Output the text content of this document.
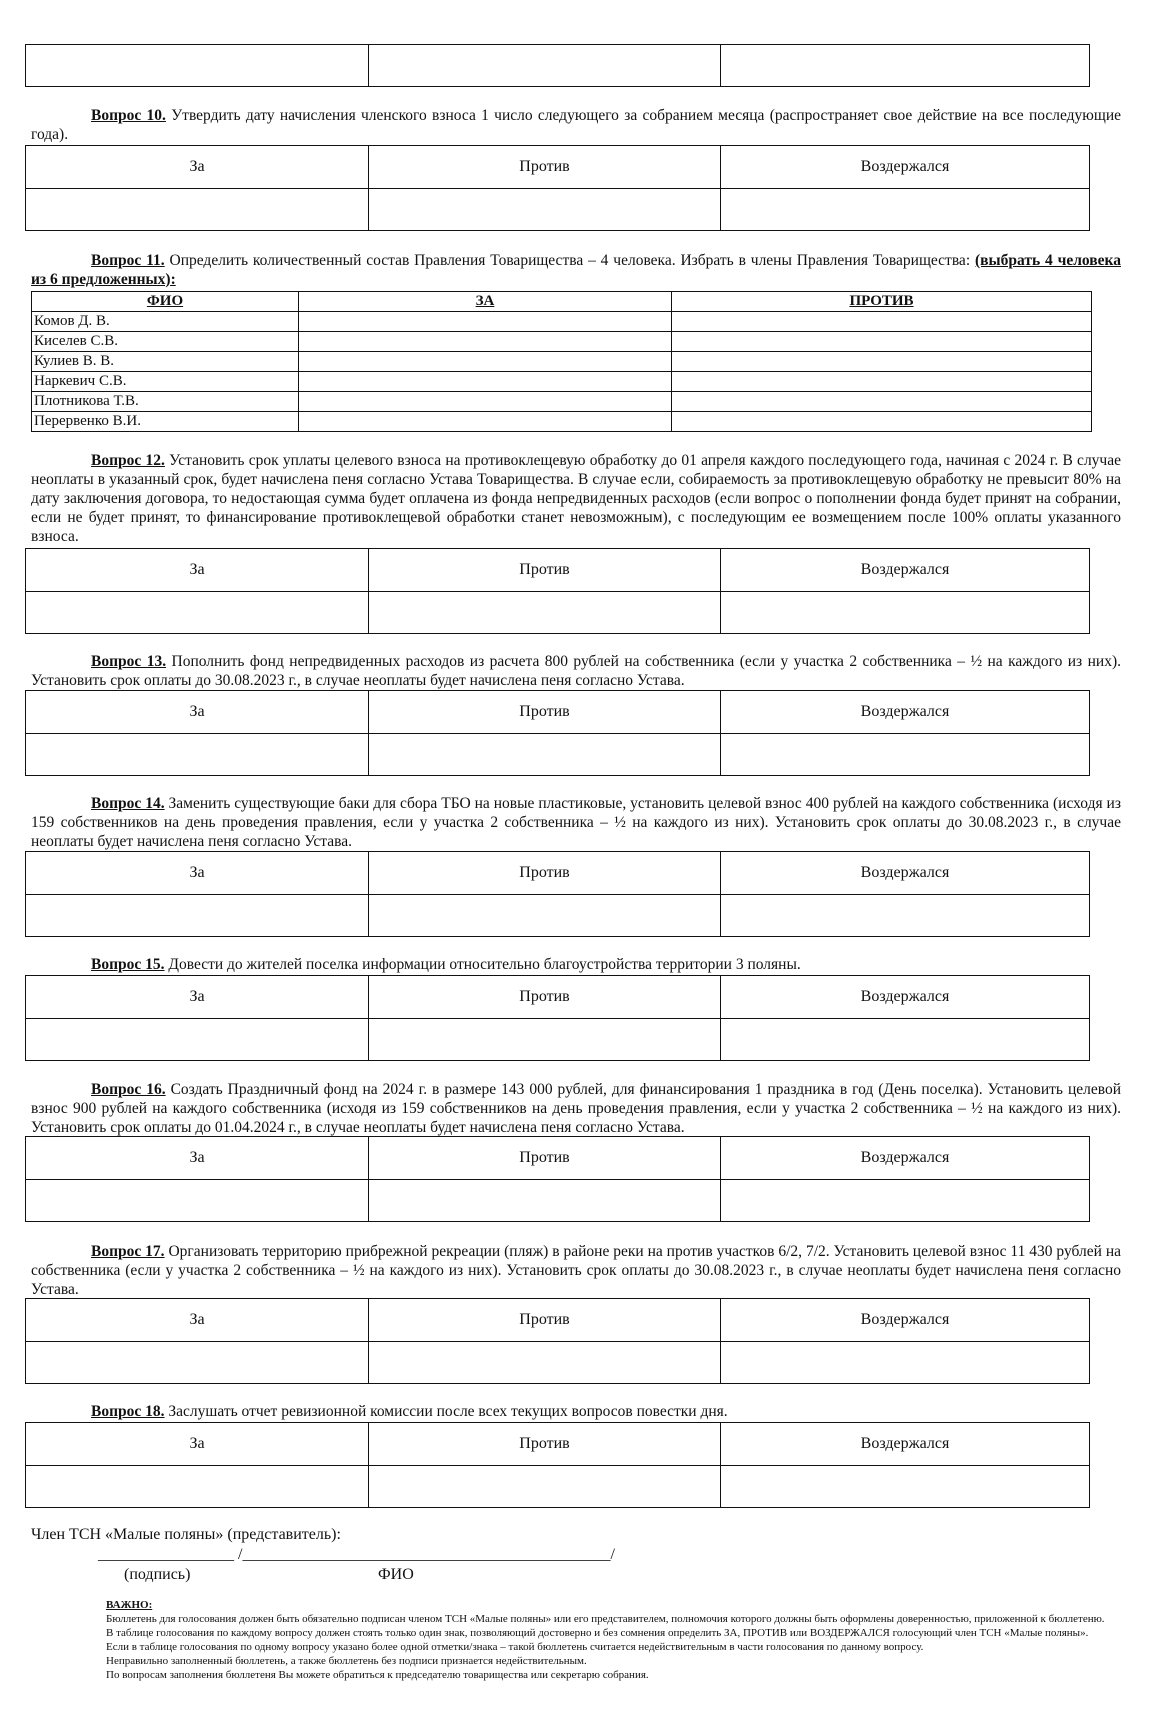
Вопрос 10. Утвердить дату начисления членского взноса 1 число следующего за собранием месяца (распространяет свое действие на все последующие года).
За	Против	Воздержался

Вопрос 11. Определить количественный состав Правления Товарищества – 4 человека. Избрать в члены Правления Товарищества: (выбрать 4 человека из 6 предложенных):
ФИО	ЗА	ПРОТИВ
Комов Д. В.		
Киселев С.В.		
Кулиев В. В.		
Наркевич С.В.		
Плотникова Т.В.		
Перервенко В.И.		
Вопрос 12. Установить срок уплаты целевого взноса на противоклещевую обработку до 01 апреля каждого последующего года, начиная с 2024 г. В случае неоплаты в указанный срок, будет начислена пеня согласно Устава Товарищества. В случае если, собираемость за противоклещевую обработку не превысит 80% на дату заключения договора, то недостающая сумма будет оплачена из фонда непредвиденных расходов (если вопрос о пополнении фонда будет принят на собрании, если не будет принят, то финансирование противоклещевой обработки станет невозможным), с последующим ее возмещением после 100% оплаты указанного взноса.
За	Против	Воздержался

Вопрос 13. Пополнить фонд непредвиденных расходов из расчета 800 рублей на собственника (если у участка 2 собственника – ½ на каждого из них). Установить срок оплаты до 30.08.2023 г., в случае неоплаты будет начислена пеня согласно Устава.
За	Против	Воздержался

Вопрос 14. Заменить существующие баки для сбора ТБО на новые пластиковые, установить целевой взнос 400 рублей на каждого собственника (исходя из 159 собственников на день проведения правления, если у участка 2 собственника – ½ на каждого из них). Установить срок оплаты до 30.08.2023 г., в случае неоплаты будет начислена пеня согласно Устава.
За	Против	Воздержался

Вопрос 15. Довести до жителей поселка информации относительно благоустройства территории 3 поляны.
За	Против	Воздержался

Вопрос 16. Создать Праздничный фонд на 2024 г. в размере 143 000 рублей, для финансирования 1 праздника в год (День поселка). Установить целевой взнос 900 рублей на каждого собственника (исходя из 159 собственников на день проведения правления, если у участка 2 собственника – ½ на каждого из них). Установить срок оплаты до 01.04.2024 г., в случае неоплаты будет начислена пеня согласно Устава.
За	Против	Воздержался

Вопрос 17. Организовать территорию прибрежной рекреации (пляж) в районе реки на против участков 6/2, 7/2. Установить целевой взнос 11 430 рублей на собственника (если у участка 2 собственника – ½ на каждого из них). Установить срок оплаты до 30.08.2023 г., в случае неоплаты будет начислена пеня согласно Устава.
За	Против	Воздержался

Вопрос 18. Заслушать отчет ревизионной комиссии после всех текущих вопросов повестки дня.
За	Против	Воздержался

Член ТСН «Малые поляны» (представитель):
_________________ /______________________________________________/
(подпись)	ФИО
ВАЖНО:

Бюллетень для голосования должен быть обязательно подписан членом ТСН «Малые поляны» или его представителем, полномочия которого должны быть оформлены доверенностью, приложенной к бюллетеню.

В таблице голосования по каждому вопросу должен стоять только один знак, позволяющий достоверно и без сомнения определить ЗА, ПРОТИВ или ВОЗДЕРЖАЛСЯ голосующий член ТСН «Малые поляны».

Если в таблице голосования по одному вопросу указано более одной отметки/знака – такой бюллетень считается недействительным в части голосования по данному вопросу.

Неправильно заполненный бюллетень, а также бюллетень без подписи признается недействительным.

По вопросам заполнения бюллетеня Вы можете обратиться к председателю товарищества или секретарю собрания.
